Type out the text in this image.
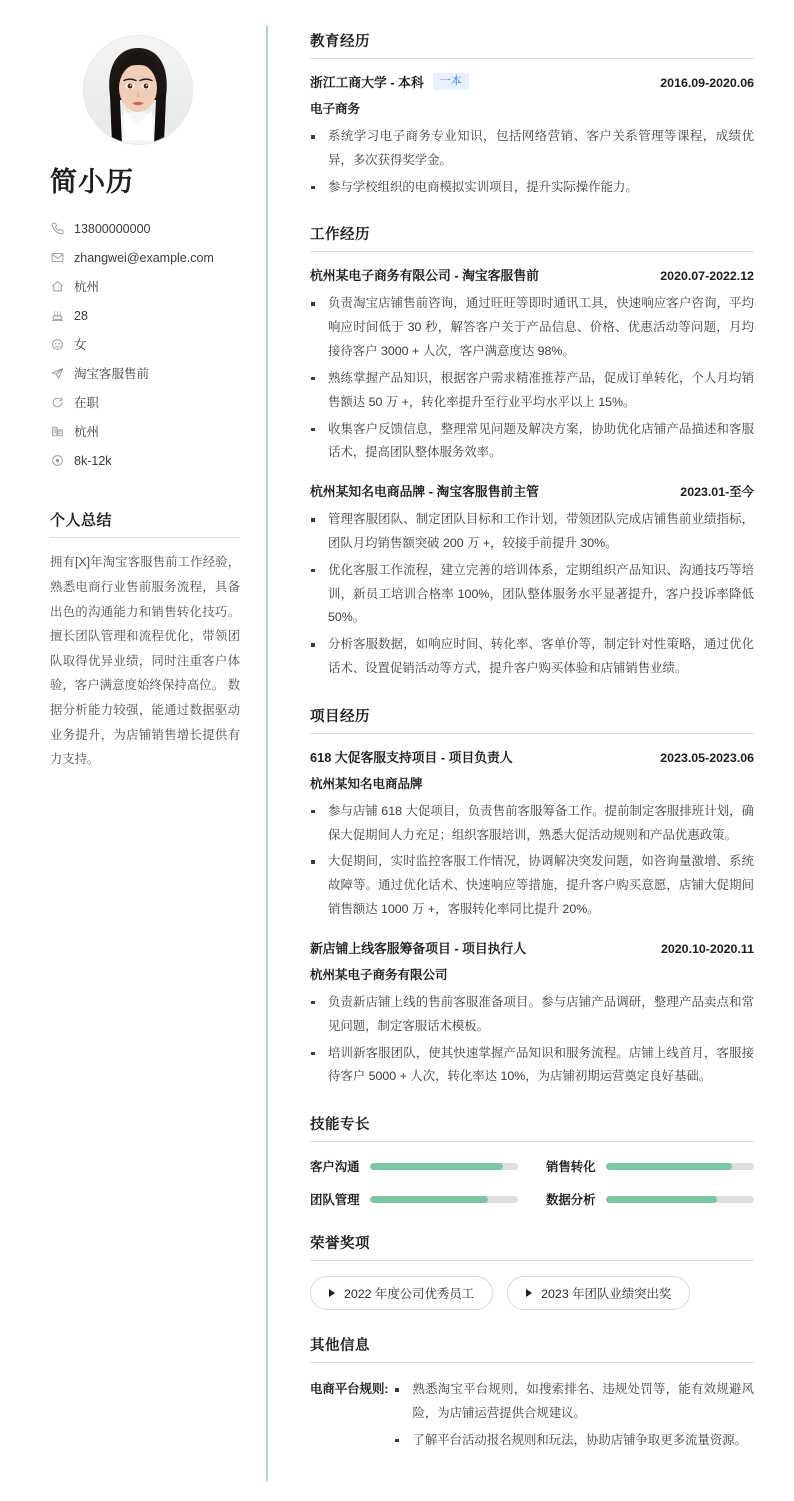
简小历
13800000000
zhangwei@example.com
杭州
28
女
淘宝客服售前
在职
杭州
8k-12k
个人总结

拥有[X]年淘宝客服售前工作经验，熟悉电商行业售前服务流程，具备出色的沟通能力和销售转化技巧。 擅长团队管理和流程优化，带领团队取得优异业绩，同时注重客户体验，客户满意度始终保持高位。 数据分析能力较强，能通过数据驱动业务提升，为店铺销售增长提供有力支持。

教育经历
浙江工商大学 - 本科	一本	2016.09-2020.06
电子商务
系统学习电子商务专业知识，包括网络营销、客户关系管理等课程，成绩优异，多次获得奖学金。
参与学校组织的电商模拟实训项目，提升实际操作能力。
工作经历
杭州某电子商务有限公司 - 淘宝客服售前	2020.07-2022.12
负责淘宝店铺售前咨询，通过旺旺等即时通讯工具，快速响应客户咨询，平均响应时间低于 30 秒，解答客户关于产品信息、价格、优惠活动等问题，月均接待客户 3000 + 人次，客户满意度达 98%。
熟练掌握产品知识，根据客户需求精准推荐产品，促成订单转化，个人月均销售额达 50 万 +，转化率提升至行业平均水平以上 15%。
收集客户反馈信息，整理常见问题及解决方案，协助优化店铺产品描述和客服话术，提高团队整体服务效率。
杭州某知名电商品牌 - 淘宝客服售前主管	2023.01-至今
管理客服团队、制定团队目标和工作计划，带领团队完成店铺售前业绩指标，团队月均销售额突破 200 万 +，较接手前提升 30%。
优化客服工作流程，建立完善的培训体系，定期组织产品知识、沟通技巧等培训，新员工培训合格率 100%，团队整体服务水平显著提升，客户投诉率降低 50%。
分析客服数据，如响应时间、转化率、客单价等，制定针对性策略，通过优化话术、设置促销活动等方式，提升客户购买体验和店铺销售业绩。
项目经历
618 大促客服支持项目 - 项目负责人	2023.05-2023.06
杭州某知名电商品牌
参与店铺 618 大促项目，负责售前客服筹备工作。提前制定客服排班计划，确保大促期间人力充足；组织客服培训，熟悉大促活动规则和产品优惠政策。
大促期间，实时监控客服工作情况，协调解决突发问题，如咨询量激增、系统故障等。通过优化话术、快速响应等措施，提升客户购买意愿，店铺大促期间销售额达 1000 万 +，客服转化率同比提升 20%。
新店铺上线客服筹备项目 - 项目执行人	2020.10-2020.11
杭州某电子商务有限公司
负责新店铺上线的售前客服准备项目。参与店铺产品调研，整理产品卖点和常见问题，制定客服话术模板。
培训新客服团队，使其快速掌握产品知识和服务流程。店铺上线首月，客服接待客户 5000 + 人次，转化率达 10%，为店铺初期运营奠定良好基础。
技能专长
客户沟通	销售转化
团队管理	数据分析
荣誉奖项
2022 年度公司优秀员工	2023 年团队业绩突出奖
其他信息
电商平台规则:	熟悉淘宝平台规则，如搜索排名、违规处罚等，能有效规避风险，为店铺运营提供合规建议。
了解平台活动报名规则和玩法，协助店铺争取更多流量资源。
